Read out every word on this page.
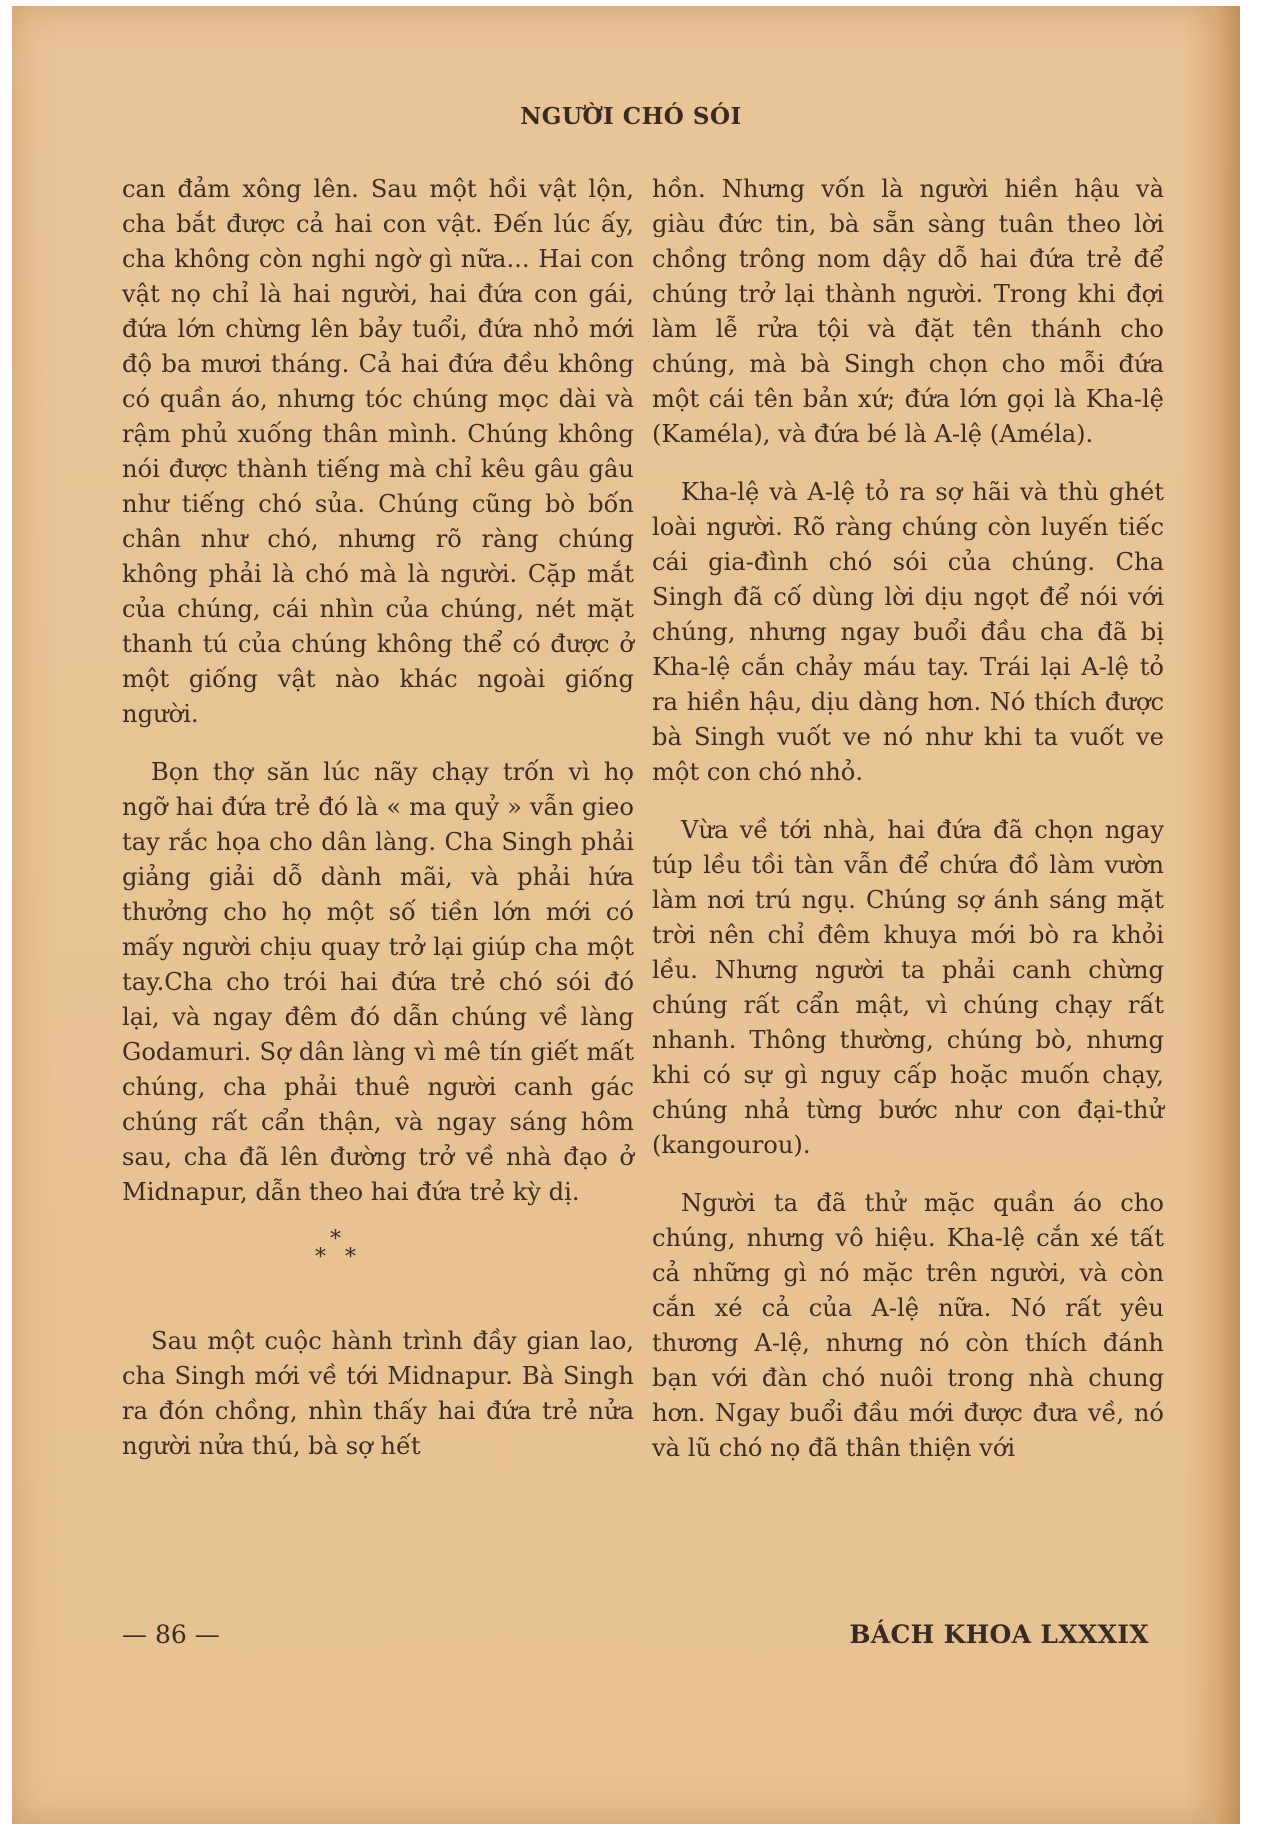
NGƯỜI CHÓ SÓI

can đảm xông lên. Sau một hồi vật lộn, cha bắt được cả hai con vật. Đến lúc ấy, cha không còn nghi ngờ gì nữa... Hai con vật nọ chỉ là hai người, hai đứa con gái, đứa lớn chừng lên bảy tuổi, đứa nhỏ mới độ ba mươi tháng. Cả hai đứa đều không có quần áo, nhưng tóc chúng mọc dài và rậm phủ xuống thân mình. Chúng không nói được thành tiếng mà chỉ kêu gâu gâu như tiếng chó sủa. Chúng cũng bò bốn chân như chó, nhưng rõ ràng chúng không phải là chó mà là người. Cặp mắt của chúng, cái nhìn của chúng, nét mặt thanh tú của chúng không thể có được ở một giống vật nào khác ngoài giống người.

Bọn thợ săn lúc nãy chạy trốn vì họ ngỡ hai đứa trẻ đó là « ma quỷ » vẫn gieo tay rắc họa cho dân làng. Cha Singh phải giảng giải dỗ dành mãi, và phải hứa thưởng cho họ một số tiền lớn mới có mấy người chịu quay trở lại giúp cha một tay.Cha cho trói hai đứa trẻ chó sói đó lại, và ngay đêm đó dẫn chúng về làng Godamuri. Sợ dân làng vì mê tín giết mất chúng, cha phải thuê người canh gác chúng rất cẩn thận, và ngay sáng hôm sau, cha đã lên đường trở về nhà đạo ở Midnapur, dẫn theo hai đứa trẻ kỳ dị.

*
* *

Sau một cuộc hành trình đầy gian lao, cha Singh mới về tới Midnapur. Bà Singh ra đón chồng, nhìn thấy hai đứa trẻ nửa người nửa thú, bà sợ hết

hồn. Nhưng vốn là người hiền hậu và giàu đức tin, bà sẵn sàng tuân theo lời chồng trông nom dậy dỗ hai đứa trẻ để chúng trở lại thành người. Trong khi đợi làm lễ rửa tội và đặt tên thánh cho chúng, mà bà Singh chọn cho mỗi đứa một cái tên bản xứ; đứa lớn gọi là Kha-lệ (Kaméla), và đứa bé là A-lệ (Améla).

Kha-lệ và A-lệ tỏ ra sợ hãi và thù ghét loài người. Rõ ràng chúng còn luyến tiếc cái gia-đình chó sói của chúng. Cha Singh đã cố dùng lời dịu ngọt để nói với chúng, nhưng ngay buổi đầu cha đã bị Kha-lệ cắn chảy máu tay. Trái lại A-lệ tỏ ra hiền hậu, dịu dàng hơn. Nó thích được bà Singh vuốt ve nó như khi ta vuốt ve một con chó nhỏ.

Vừa về tới nhà, hai đứa đã chọn ngay túp lều tồi tàn vẫn để chứa đồ làm vườn làm nơi trú ngụ. Chúng sợ ánh sáng mặt trời nên chỉ đêm khuya mới bò ra khỏi lều. Nhưng người ta phải canh chừng chúng rất cẩn mật, vì chúng chạy rất nhanh. Thông thường, chúng bò, nhưng khi có sự gì nguy cấp hoặc muốn chạy, chúng nhả từng bước như con đại-thử (kangourou).

Người ta đã thử mặc quần áo cho chúng, nhưng vô hiệu. Kha-lệ cắn xé tất cả những gì nó mặc trên người, và còn cắn xé cả của A-lệ nữa. Nó rất yêu thương A-lệ, nhưng nó còn thích đánh bạn với đàn chó nuôi trong nhà chung hơn. Ngay buổi đầu mới được đưa về, nó và lũ chó nọ đã thân thiện với

— 86 —	BÁCH KHOA LXXXIX
